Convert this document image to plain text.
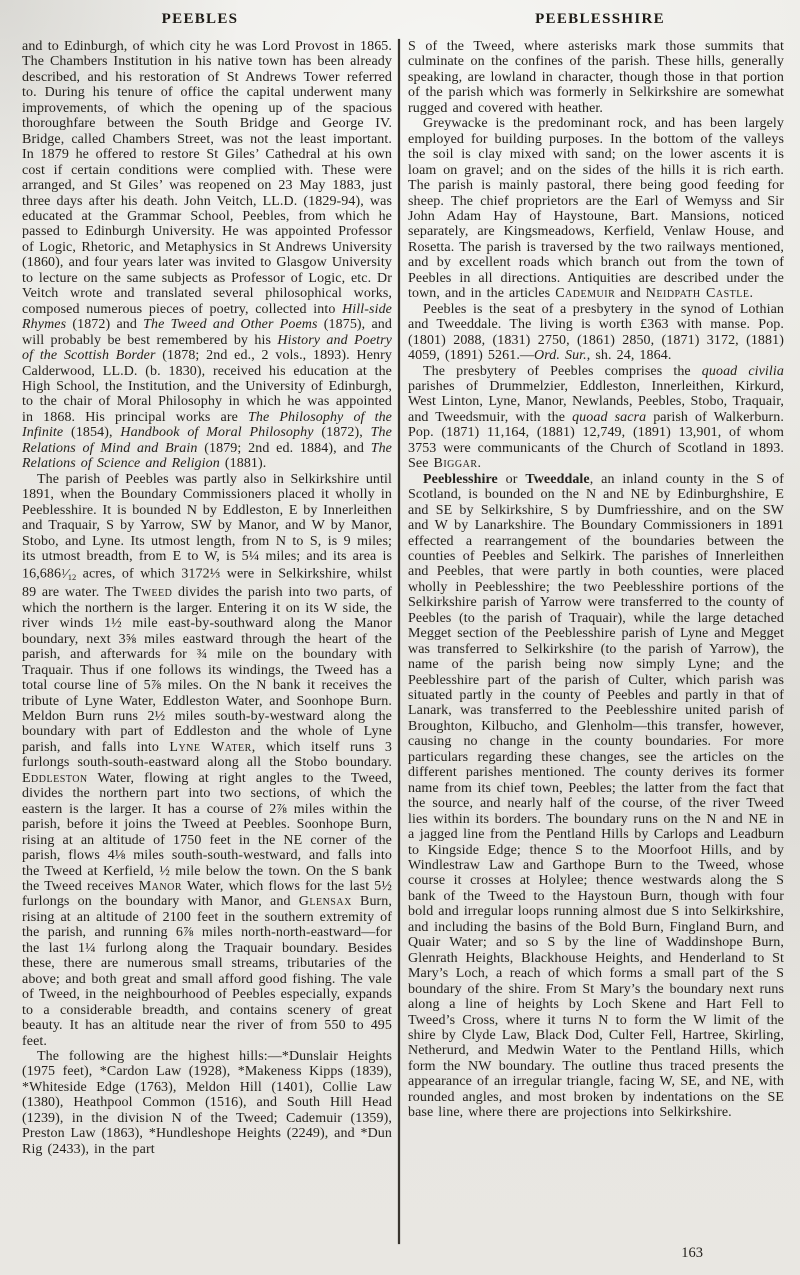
PEEBLES	PEEBLESSHIRE

and to Edinburgh, of which city he was Lord Provost in 1865. The Chambers Institution in his native town has been already described, and his restoration of St Andrews Tower referred to. During his tenure of office the capital underwent many improvements, of which the opening up of the spacious thoroughfare between the South Bridge and George IV. Bridge, called Chambers Street, was not the least important. In 1879 he offered to restore St Giles’ Cathedral at his own cost if certain conditions were complied with. These were arranged, and St Giles’ was reopened on 23 May 1883, just three days after his death. John Veitch, LL.D. (1829-94), was educated at the Grammar School, Peebles, from which he passed to Edinburgh University. He was appointed Professor of Logic, Rhetoric, and Metaphysics in St Andrews University (1860), and four years later was invited to Glasgow University to lecture on the same subjects as Professor of Logic, etc. Dr Veitch wrote and translated several philosophical works, composed numerous pieces of poetry, collected into Hill-side Rhymes (1872) and The Tweed and Other Poems (1875), and will probably be best remembered by his History and Poetry of the Scottish Border (1878; 2nd ed., 2 vols., 1893). Henry Calderwood, LL.D. (b. 1830), received his education at the High School, the Institution, and the University of Edinburgh, to the chair of Moral Philosophy in which he was appointed in 1868. His principal works are The Philosophy of the Infinite (1854), Handbook of Moral Philosophy (1872), The Relations of Mind and Brain (1879; 2nd ed. 1884), and The Relations of Science and Religion (1881).

The parish of Peebles was partly also in Selkirkshire until 1891, when the Boundary Commissioners placed it wholly in Peeblesshire. It is bounded N by Eddleston, E by Innerleithen and Traquair, S by Yarrow, SW by Manor, and W by Manor, Stobo, and Lyne. Its utmost length, from N to S, is 9 miles; its utmost breadth, from E to W, is 5¼ miles; and its area is $16,686^1⁄_{12}$ acres, of which 3172⅓ were in Selkirkshire, whilst 89 are water. The Tweed divides the parish into two parts, of which the northern is the larger. Entering it on its W side, the river winds 1½ mile east-by-southward along the Manor boundary, next 3⅝ miles eastward through the heart of the parish, and afterwards for ¾ mile on the boundary with Traquair. Thus if one follows its windings, the Tweed has a total course line of 5⅞ miles. On the N bank it receives the tribute of Lyne Water, Eddleston Water, and Soonhope Burn. Meldon Burn runs 2½ miles south-by-westward along the boundary with part of Eddleston and the whole of Lyne parish, and falls into Lyne Water, which itself runs 3 furlongs south-south-eastward along all the Stobo boundary. Eddleston Water, flowing at right angles to the Tweed, divides the northern part into two sections, of which the eastern is the larger. It has a course of 2⅞ miles within the parish, before it joins the Tweed at Peebles. Soonhope Burn, rising at an altitude of 1750 feet in the NE corner of the parish, flows 4⅛ miles south-south-westward, and falls into the Tweed at Kerfield, ½ mile below the town. On the S bank the Tweed receives Manor Water, which flows for the last 5½ furlongs on the boundary with Manor, and Glensax Burn, rising at an altitude of 2100 feet in the southern extremity of the parish, and running 6⅞ miles north-north-eastward—for the last 1¼ furlong along the Traquair boundary. Besides these, there are numerous small streams, tributaries of the above; and both great and small afford good fishing. The vale of Tweed, in the neighbourhood of Peebles especially, expands to a considerable breadth, and contains scenery of great beauty. It has an altitude near the river of from 550 to 495 feet.

The following are the highest hills:—*Dunslair Heights (1975 feet), *Cardon Law (1928), *Makeness Kipps (1839), *Whiteside Edge (1763), Meldon Hill (1401), Collie Law (1380), Heathpool Common (1516), and South Hill Head (1239), in the division N of the Tweed; Cademuir (1359), Preston Law (1863), *Hundleshope Heights (2249), and *Dun Rig (2433), in the part

S of the Tweed, where asterisks mark those summits that culminate on the confines of the parish. These hills, generally speaking, are lowland in character, though those in that portion of the parish which was formerly in Selkirkshire are somewhat rugged and covered with heather.

Greywacke is the predominant rock, and has been largely employed for building purposes. In the bottom of the valleys the soil is clay mixed with sand; on the lower ascents it is loam on gravel; and on the sides of the hills it is rich earth. The parish is mainly pastoral, there being good feeding for sheep. The chief proprietors are the Earl of Wemyss and Sir John Adam Hay of Haystoune, Bart. Mansions, noticed separately, are Kingsmeadows, Kerfield, Venlaw House, and Rosetta. The parish is traversed by the two railways mentioned, and by excellent roads which branch out from the town of Peebles in all directions. Antiquities are described under the town, and in the articles Cademuir and Neidpath Castle.

Peebles is the seat of a presbytery in the synod of Lothian and Tweeddale. The living is worth £363 with manse. Pop. (1801) 2088, (1831) 2750, (1861) 2850, (1871) 3172, (1881) 4059, (1891) 5261.—Ord. Sur., sh. 24, 1864.

The presbytery of Peebles comprises the quoad civilia parishes of Drummelzier, Eddleston, Innerleithen, Kirkurd, West Linton, Lyne, Manor, Newlands, Peebles, Stobo, Traquair, and Tweedsmuir, with the quoad sacra parish of Walkerburn. Pop. (1871) 11,164, (1881) 12,749, (1891) 13,901, of whom 3753 were communicants of the Church of Scotland in 1893. See Biggar.

Peeblesshire or Tweeddale, an inland county in the S of Scotland, is bounded on the N and NE by Edinburghshire, E and SE by Selkirkshire, S by Dumfriesshire, and on the SW and W by Lanarkshire. The Boundary Commissioners in 1891 effected a rearrangement of the boundaries between the counties of Peebles and Selkirk. The parishes of Innerleithen and Peebles, that were partly in both counties, were placed wholly in Peeblesshire; the two Peeblesshire portions of the Selkirkshire parish of Yarrow were transferred to the county of Peebles (to the parish of Traquair), while the large detached Megget section of the Peeblesshire parish of Lyne and Megget was transferred to Selkirkshire (to the parish of Yarrow), the name of the parish being now simply Lyne; and the Peeblesshire part of the parish of Culter, which parish was situated partly in the county of Peebles and partly in that of Lanark, was transferred to the Peeblesshire united parish of Broughton, Kilbucho, and Glenholm—this transfer, however, causing no change in the county boundaries. For more particulars regarding these changes, see the articles on the different parishes mentioned. The county derives its former name from its chief town, Peebles; the latter from the fact that the source, and nearly half of the course, of the river Tweed lies within its borders. The boundary runs on the N and NE in a jagged line from the Pentland Hills by Carlops and Leadburn to Kingside Edge; thence S to the Moorfoot Hills, and by Windlestraw Law and Garthope Burn to the Tweed, whose course it crosses at Holylee; thence westwards along the S bank of the Tweed to the Haystoun Burn, though with four bold and irregular loops running almost due S into Selkirkshire, and including the basins of the Bold Burn, Fingland Burn, and Quair Water; and so S by the line of Waddinshope Burn, Glenrath Heights, Blackhouse Heights, and Henderland to St Mary’s Loch, a reach of which forms a small part of the S boundary of the shire. From St Mary’s the boundary next runs along a line of heights by Loch Skene and Hart Fell to Tweed’s Cross, where it turns N to form the W limit of the shire by Clyde Law, Black Dod, Culter Fell, Hartree, Skirling, Netherurd, and Medwin Water to the Pentland Hills, which form the NW boundary. The outline thus traced presents the appearance of an irregular triangle, facing W, SE, and NE, with rounded angles, and most broken by indentations on the SE base line, where there are projections into Selkirkshire.

163
